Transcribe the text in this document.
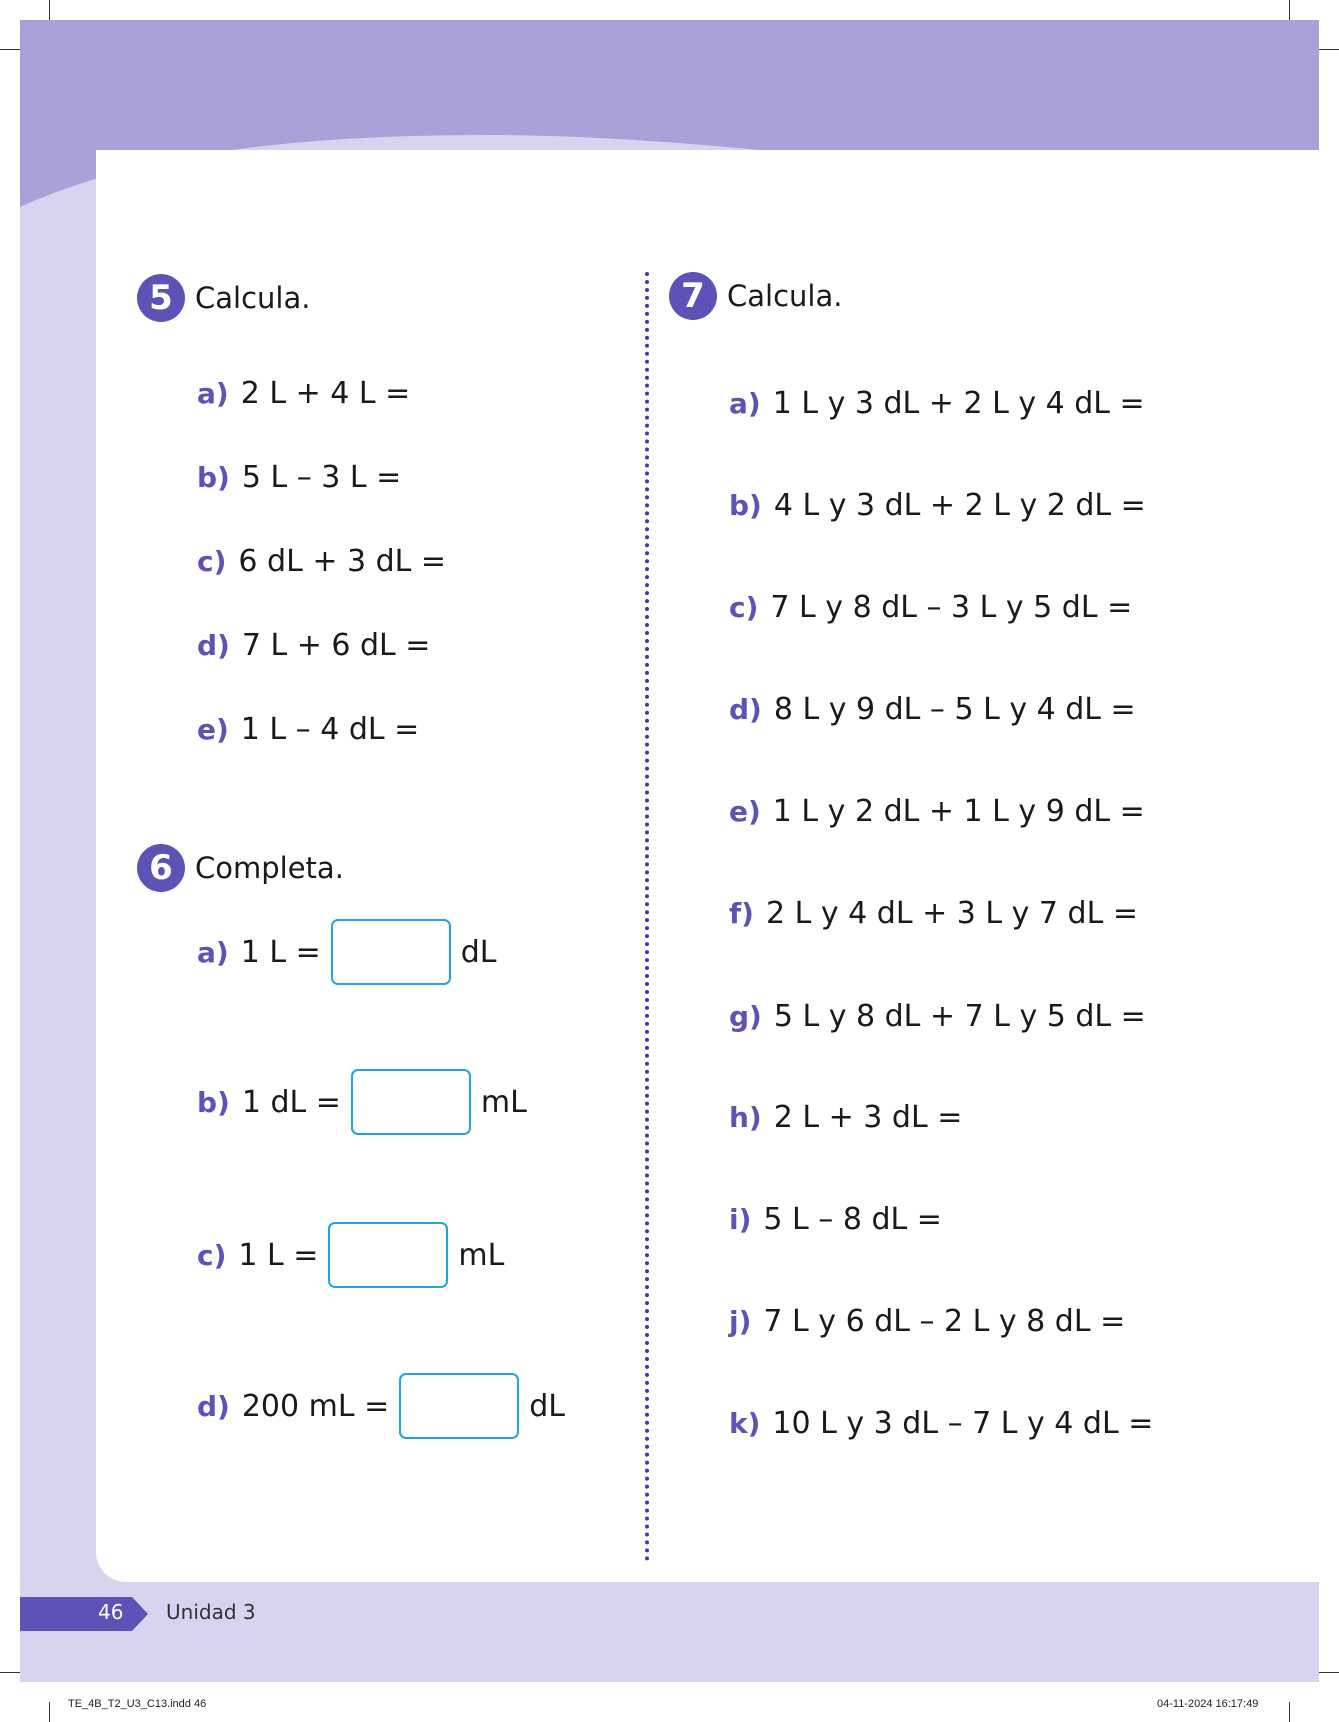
5 Calcula.
a) 2 L + 4 L =
b) 5 L – 3 L =
c) 6 dL + 3 dL =
d) 7 L + 6 dL =
e) 1 L – 4 dL =
6 Completa.
a) 1 L =	dL
b) 1 dL =	mL
c) 1 L =	mL
d) 200 mL =	dL
7 Calcula.
a) 1 L y 3 dL + 2 L y 4 dL =
b) 4 L y 3 dL + 2 L y 2 dL =
c) 7 L y 8 dL – 3 L y 5 dL =
d) 8 L y 9 dL – 5 L y 4 dL =
e) 1 L y 2 dL + 1 L y 9 dL =
f) 2 L y 4 dL + 3 L y 7 dL =
g) 5 L y 8 dL + 7 L y 5 dL =
h) 2 L + 3 dL =
i) 5 L – 8 dL =
j) 7 L y 6 dL – 2 L y 8 dL =
k) 10 L y 3 dL – 7 L y 4 dL =
46 Unidad 3
TE_4B_T2_U3_C13.indd 46	04-11-2024 16:17:49
